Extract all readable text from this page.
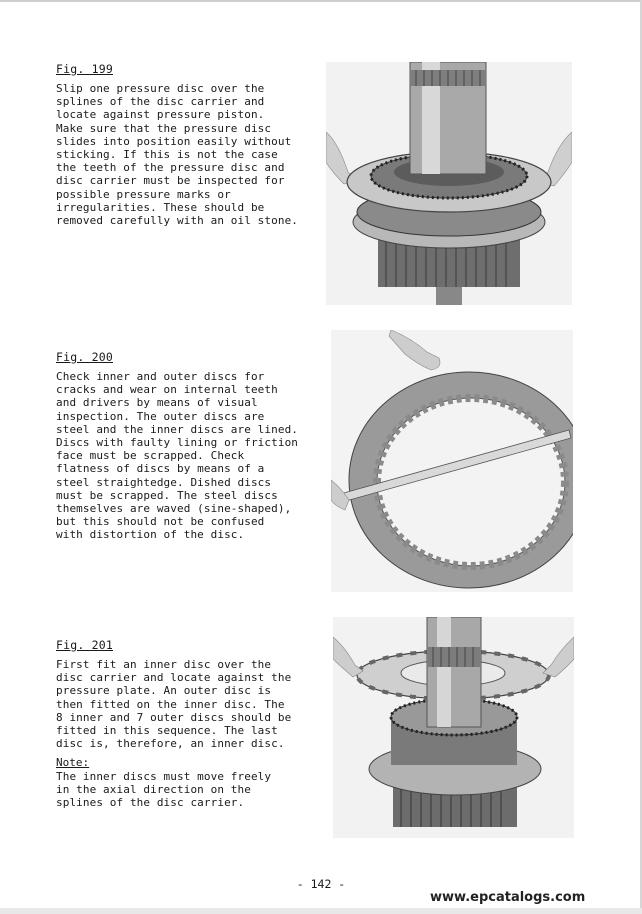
Fig. 199

Slip one pressure disc over the
splines of the disc carrier and
locate against pressure piston.
Make sure that the pressure disc
slides into position easily without
sticking. If this is not the case
the teeth of the pressure disc and
disc carrier must be inspected for
possible pressure marks or
irregularities. These should be
removed carefully with an oil stone.

Fig. 200

Check inner and outer discs for
cracks and wear on internal teeth
and drivers by means of visual
inspection. The outer discs are
steel and the inner discs are lined.
Discs with faulty lining or friction
face must be scrapped. Check
flatness of discs by means of a
steel straightedge. Dished discs
must be scrapped. The steel discs
themselves are waved (sine-shaped),
but this should not be confused
with distortion of the disc.

Fig. 201

First fit an inner disc over the
disc carrier and locate against the
pressure plate. An outer disc is
then fitted on the inner disc. The
8 inner and 7 outer discs should be
fitted in this sequence. The last
disc is, therefore, an inner disc.

Note:

The inner discs must move freely
in the axial direction on the
splines of the disc carrier.

- 142 -
www.epcatalogs.com
